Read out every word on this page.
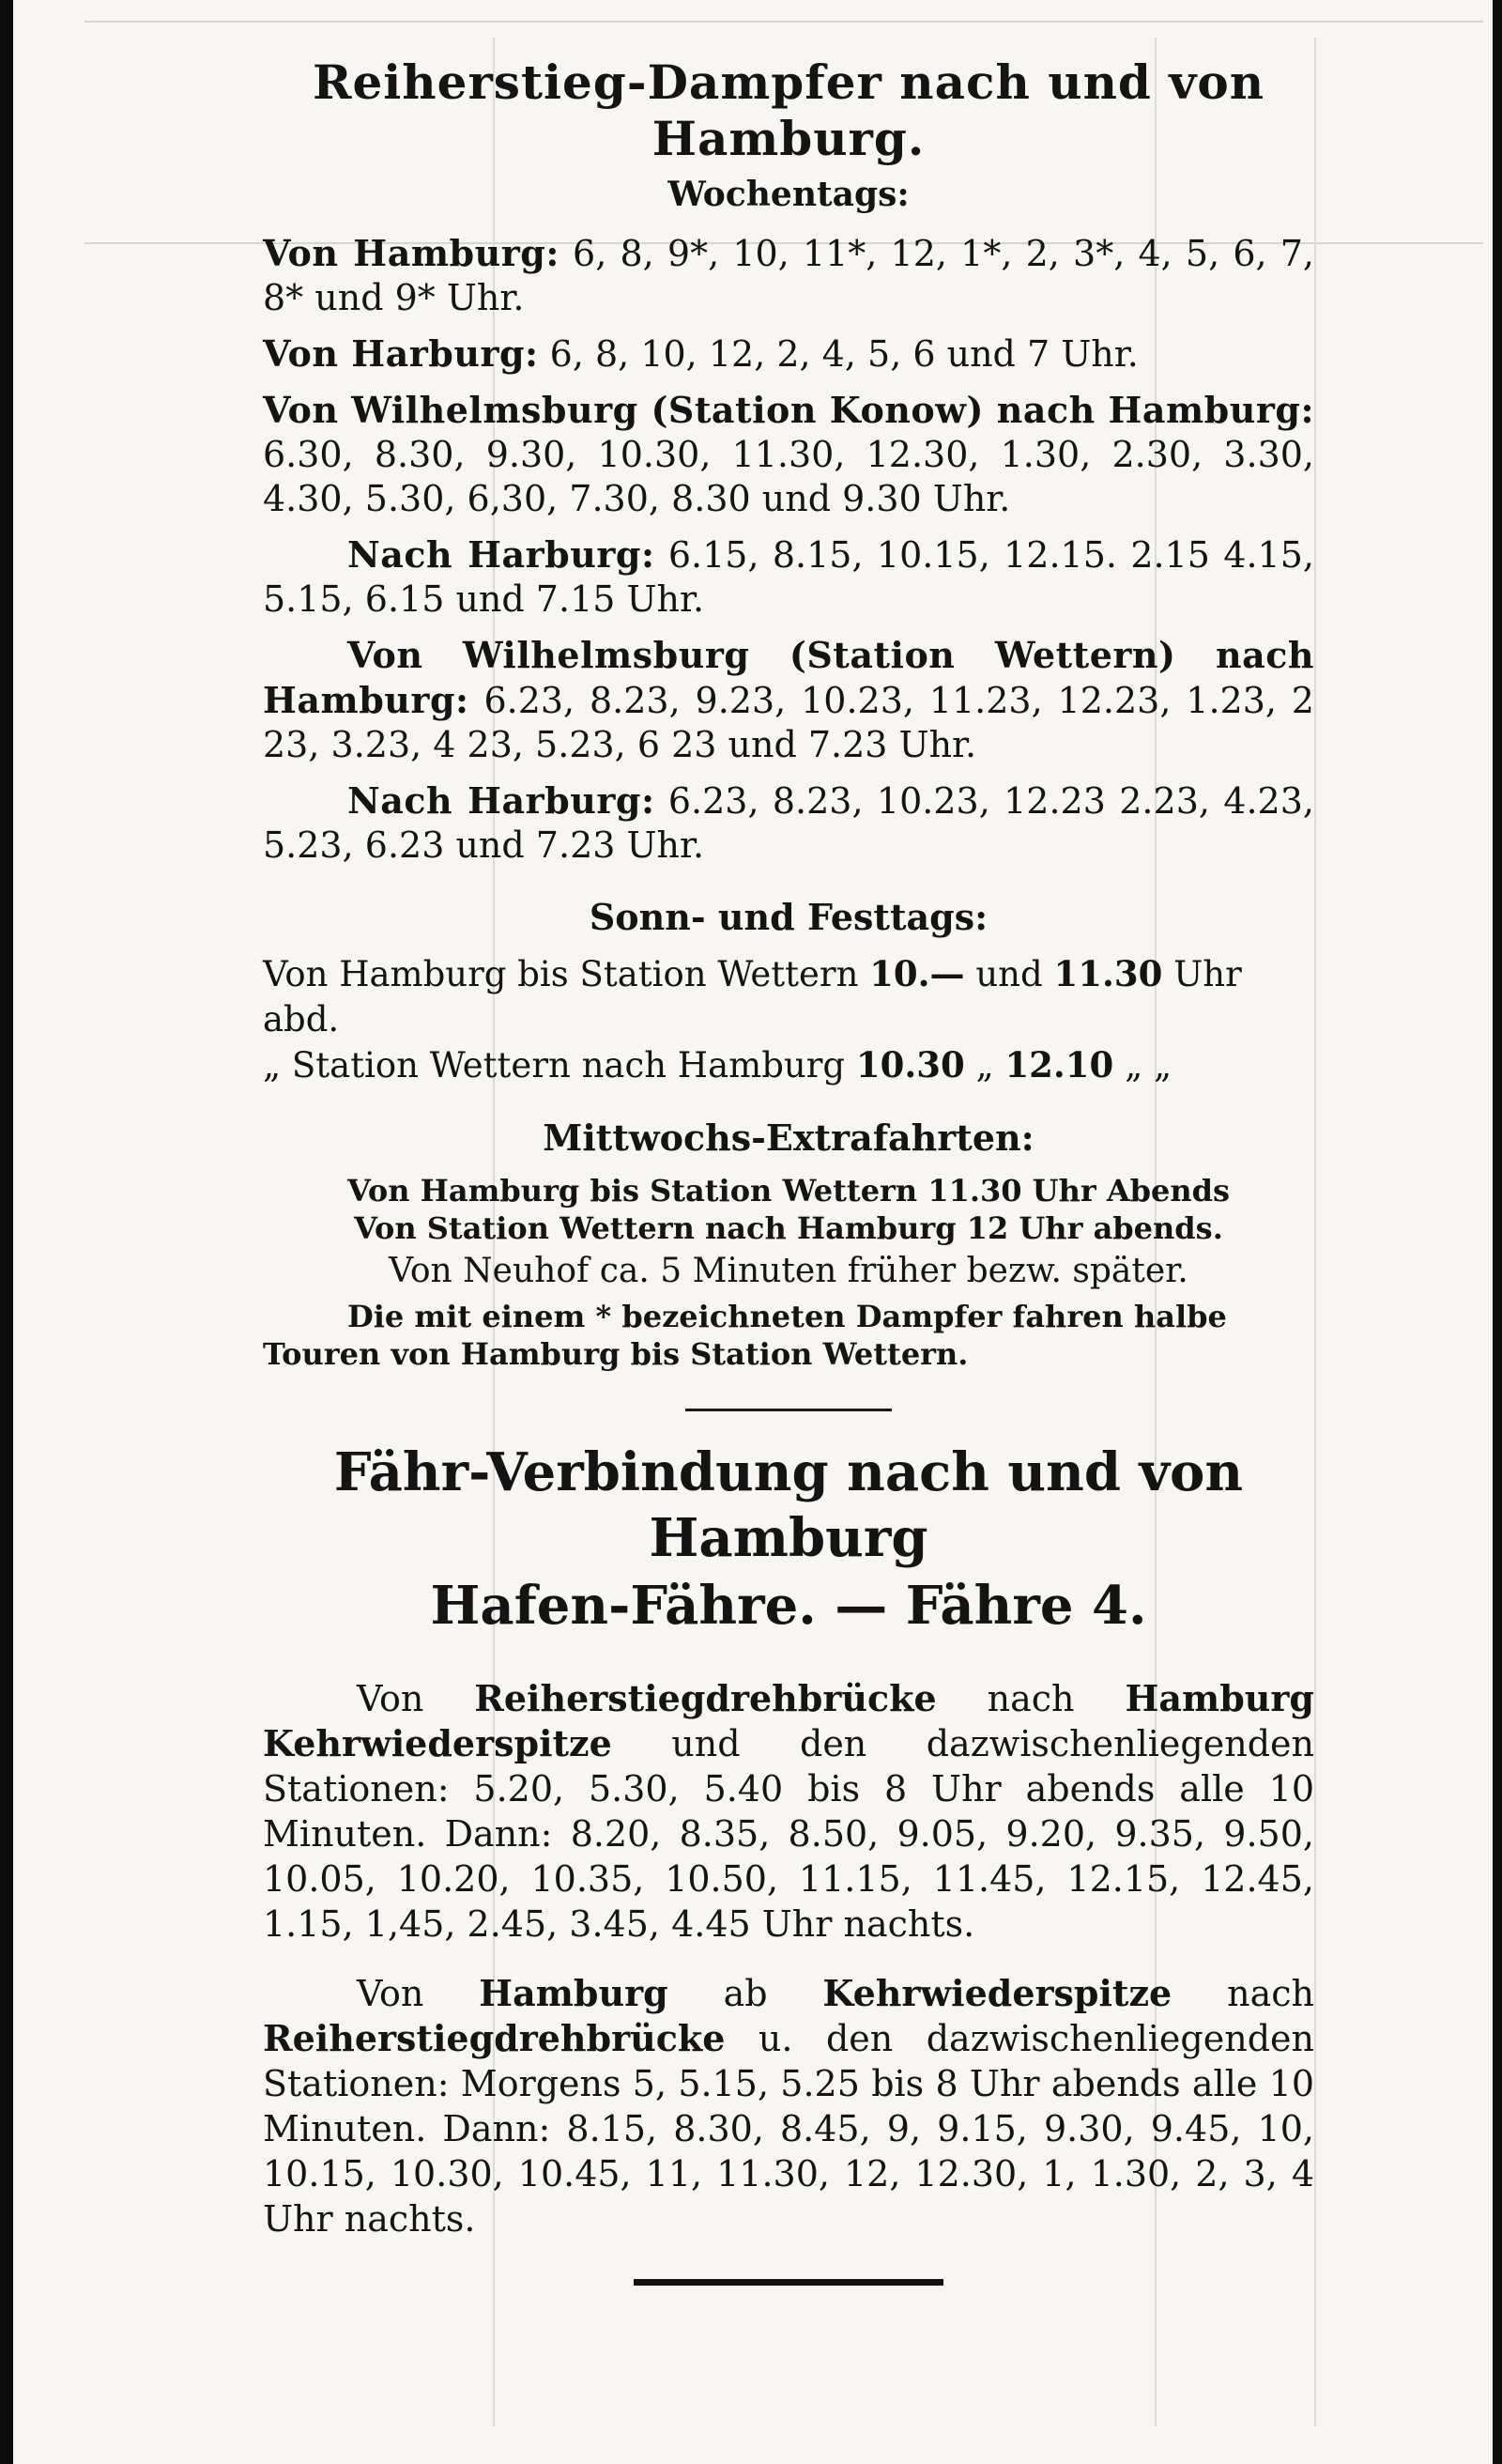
Reiherstieg-Dampfer nach und von Hamburg.
Wochentags:

Von Hamburg: 6, 8, 9*, 10, 11*, 12, 1*, 2, 3*, 4, 5, 6, 7, 8* und 9* Uhr.

Von Harburg: 6, 8, 10, 12, 2, 4, 5, 6 und 7 Uhr.

Von Wilhelmsburg (Station Konow) nach Hamburg: 6.30, 8.30, 9.30, 10.30, 11.30, 12.30, 1.30, 2.30, 3.30, 4.30, 5.30, 6,30, 7.30, 8.30 und 9.30 Uhr.

Nach Harburg: 6.15, 8.15, 10.15, 12.15. 2.15 4.15, 5.15, 6.15 und 7.15 Uhr.

Von Wilhelmsburg (Station Wettern) nach Hamburg: 6.23, 8.23, 9.23, 10.23, 11.23, 12.23, 1.23, 2 23, 3.23, 4 23, 5.23, 6 23 und 7.23 Uhr.

Nach Harburg: 6.23, 8.23, 10.23, 12.23 2.23, 4.23, 5.23, 6.23 und 7.23 Uhr.

Sonn- und Festtags:

Von Hamburg bis Station Wettern 10.— und 11.30 Uhr abd.

„ Station Wettern nach Hamburg 10.30 „ 12.10 „ „

Mittwochs-Extrafahrten:

Von Hamburg bis Station Wettern 11.30 Uhr Abends

Von Station Wettern nach Hamburg 12 Uhr abends.

Von Neuhof ca. 5 Minuten früher bezw. später.

Die mit einem * bezeichneten Dampfer fahren halbe Touren von Hamburg bis Station Wettern.

Fähr-Verbindung nach und von Hamburg
Hafen-Fähre. — Fähre 4.

Von Reiherstiegdrehbrücke nach Hamburg Kehrwiederspitze und den dazwischenliegenden Stationen: 5.20, 5.30, 5.40 bis 8 Uhr abends alle 10 Minuten. Dann: 8.20, 8.35, 8.50, 9.05, 9.20, 9.35, 9.50, 10.05, 10.20, 10.35, 10.50, 11.15, 11.45, 12.15, 12.45, 1.15, 1,45, 2.45, 3.45, 4.45 Uhr nachts.

Von Hamburg ab Kehrwiederspitze nach Reiherstiegdrehbrücke u. den dazwischenliegenden Stationen: Morgens 5, 5.15, 5.25 bis 8 Uhr abends alle 10 Minuten. Dann: 8.15, 8.30, 8.45, 9, 9.15, 9.30, 9.45, 10, 10.15, 10.30, 10.45, 11, 11.30, 12, 12.30, 1, 1.30, 2, 3, 4 Uhr nachts.
